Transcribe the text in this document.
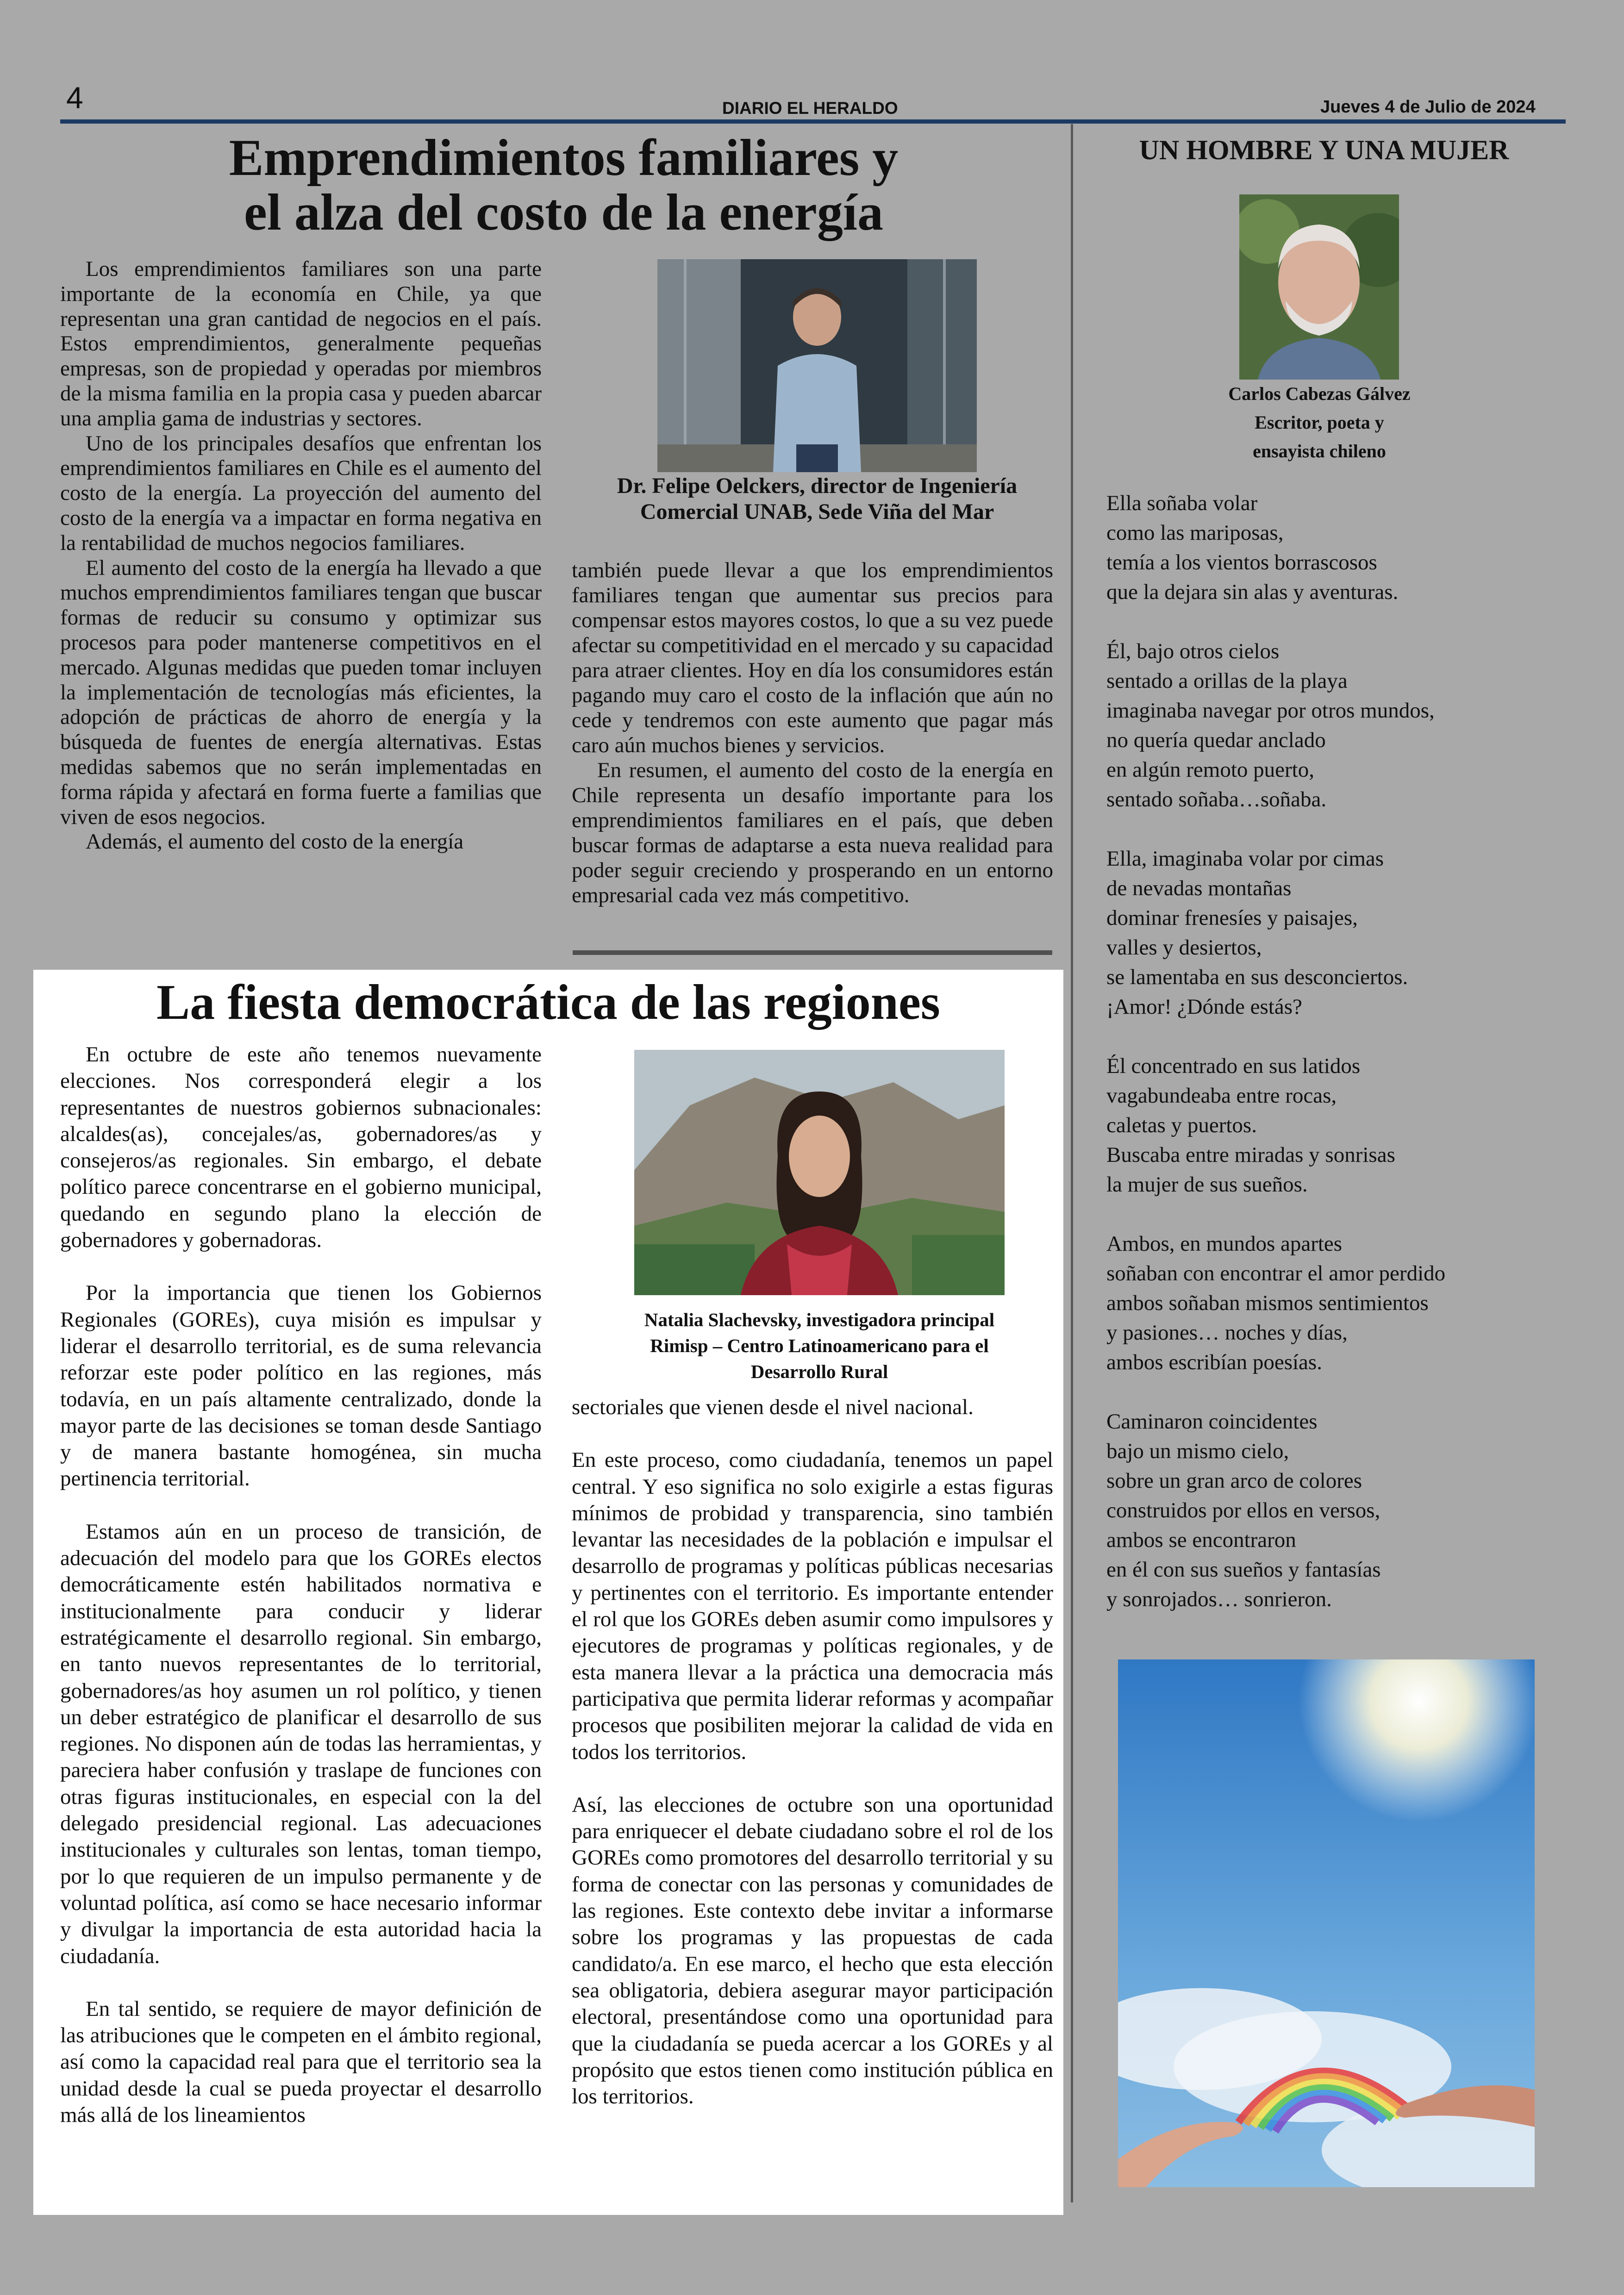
4	DIARIO EL HERALDO	Jueves 4 de Julio de 2024
Emprendimientos familiares y
el alza del costo de la energía

Los emprendimientos familiares son una parte importante de la economía en Chile, ya que representan una gran cantidad de negocios en el país. Estos emprendimientos, generalmente pequeñas empresas, son de propiedad y operadas por miembros de la misma familia en la propia casa y pueden abarcar una amplia gama de industrias y sectores.

Uno de los principales desafíos que enfrentan los emprendimientos familiares en Chile es el aumento del costo de la energía. La proyección del aumento del costo de la energía va a impactar en forma negativa en la rentabilidad de muchos negocios familiares.

El aumento del costo de la energía ha llevado a que muchos emprendimientos familiares tengan que buscar formas de reducir su consumo y optimizar sus procesos para poder mantenerse competitivos en el mercado. Algunas medidas que pueden tomar incluyen la implementación de tecnologías más eficientes, la adopción de prácticas de ahorro de energía y la búsqueda de fuentes de energía alternativas. Estas medidas sabemos que no serán implementadas en forma rápida y afectará en forma fuerte a familias que viven de esos negocios.

Además, el aumento del costo de la energía

Dr. Felipe Oelckers, director de Ingeniería
Comercial UNAB, Sede Viña del Mar

también puede llevar a que los emprendimientos familiares tengan que aumentar sus precios para compensar estos mayores costos, lo que a su vez puede afectar su competitividad en el mercado y su capacidad para atraer clientes. Hoy en día los consumidores están pagando muy caro el costo de la inflación que aún no cede y tendremos con este aumento que pagar más caro aún muchos bienes y servicios.

En resumen, el aumento del costo de la energía en Chile representa un desafío importante para los emprendimientos familiares en el país, que deben buscar formas de adaptarse a esta nueva realidad para poder seguir creciendo y prosperando en un entorno empresarial cada vez más competitivo.

La fiesta democrática de las regiones

En octubre de este año tenemos nuevamente elecciones. Nos corresponderá elegir a los representantes de nuestros gobiernos subnacionales: alcaldes(as), concejales/as, gobernadores/as y consejeros/as regionales. Sin embargo, el debate político parece concentrarse en el gobierno municipal, quedando en segundo plano la elección de gobernadores y gobernadoras.

Por la importancia que tienen los Gobiernos Regionales (GOREs), cuya misión es impulsar y liderar el desarrollo territorial, es de suma relevancia reforzar este poder político en las regiones, más todavía, en un país altamente centralizado, donde la mayor parte de las decisiones se toman desde Santiago y de manera bastante homogénea, sin mucha pertinencia territorial.

Estamos aún en un proceso de transición, de adecuación del modelo para que los GOREs electos democráticamente estén habilitados normativa e institucionalmente para conducir y liderar estratégicamente el desarrollo regional. Sin embargo, en tanto nuevos representantes de lo territorial, gobernadores/as hoy asumen un rol político, y tienen un deber estratégico de planificar el desarrollo de sus regiones. No disponen aún de todas las herramientas, y pareciera haber confusión y traslape de funciones con otras figuras institucionales, en especial con la del delegado presidencial regional. Las adecuaciones institucionales y culturales son lentas, toman tiempo, por lo que requieren de un impulso permanente y de voluntad política, así como se hace necesario informar y divulgar la importancia de esta autoridad hacia la ciudadanía.

En tal sentido, se requiere de mayor definición de las atribuciones que le competen en el ámbito regional, así como la capacidad real para que el territorio sea la unidad desde la cual se pueda proyectar el desarrollo más allá de los lineamientos

Natalia Slachevsky, investigadora principal
Rimisp – Centro Latinoamericano para el
Desarrollo Rural

sectoriales que vienen desde el nivel nacional.

En este proceso, como ciudadanía, tenemos un papel central. Y eso significa no solo exigirle a estas figuras mínimos de probidad y transparencia, sino también levantar las necesidades de la población e impulsar el desarrollo de programas y políticas públicas necesarias y pertinentes con el territorio. Es importante entender el rol que los GOREs deben asumir como impulsores y ejecutores de programas y políticas regionales, y de esta manera llevar a la práctica una democracia más participativa que permita liderar reformas y acompañar procesos que posibiliten mejorar la calidad de vida en todos los territorios.

Así, las elecciones de octubre son una oportunidad para enriquecer el debate ciudadano sobre el rol de los GOREs como promotores del desarrollo territorial y su forma de conectar con las personas y comunidades de las regiones. Este contexto debe invitar a informarse sobre los programas y las propuestas de cada candidato/a. En ese marco, el hecho que esta elección sea obligatoria, debiera asegurar mayor participación electoral, presentándose como una oportunidad para que la ciudadanía se pueda acercar a los GOREs y al propósito que estos tienen como institución pública en los territorios.

UN HOMBRE Y UNA MUJER
Carlos Cabezas Gálvez
Escritor, poeta y
ensayista chileno
Ella soñaba volar
como las mariposas,
temía a los vientos borrascosos
que la dejara sin alas y aventuras.
Él, bajo otros cielos
sentado a orillas de la playa
imaginaba navegar por otros mundos,
no quería quedar anclado
en algún remoto puerto,
sentado soñaba…soñaba.
Ella, imaginaba volar por cimas
de nevadas montañas
dominar frenesíes y paisajes,
valles y desiertos,
se lamentaba en sus desconciertos.
¡Amor! ¿Dónde estás?
Él concentrado en sus latidos
vagabundeaba entre rocas,
caletas y puertos.
Buscaba entre miradas y sonrisas
la mujer de sus sueños.
Ambos, en mundos apartes
soñaban con encontrar el amor perdido
ambos soñaban mismos sentimientos
y pasiones… noches y días,
ambos escribían poesías.
Caminaron coincidentes
bajo un mismo cielo,
sobre un gran arco de colores
construidos por ellos en versos,
ambos se encontraron
en él con sus sueños y fantasías
y sonrojados… sonrieron.
